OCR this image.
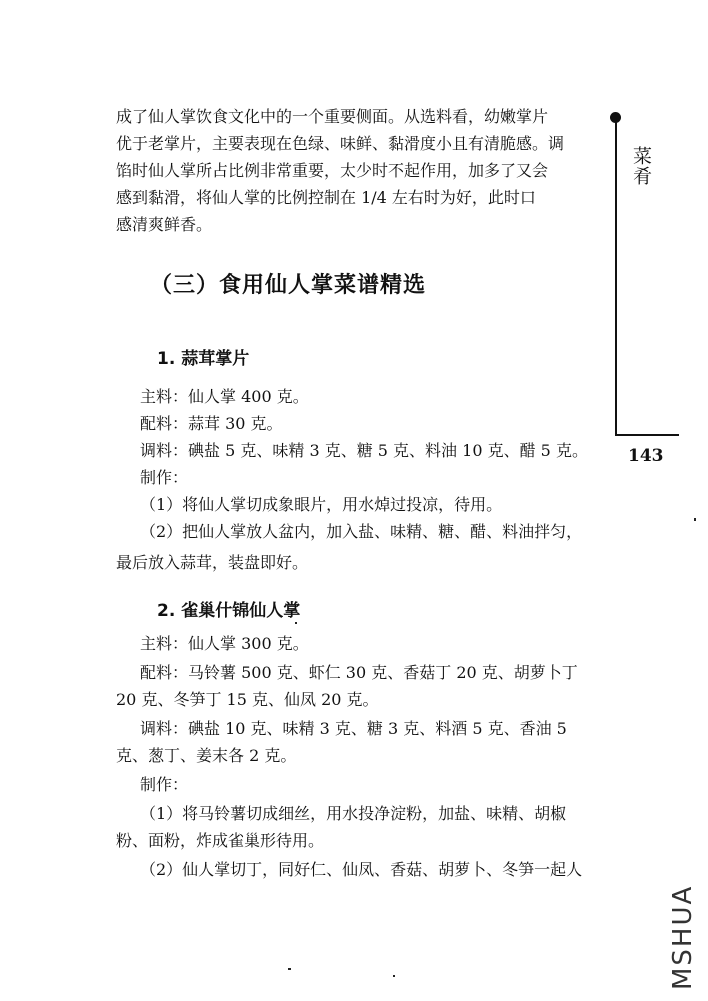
菜肴
143

成了仙人掌饮食文化中的一个重要侧面。从选料看，幼嫩掌片

优于老掌片，主要表现在色绿、味鲜、黏滑度小且有清脆感。调

馅时仙人掌所占比例非常重要，太少时不起作用，加多了又会

感到黏滑，将仙人掌的比例控制在 1/4 左右时为好，此时口

感清爽鲜香。

（三）食用仙人掌菜谱精选
1. 蒜茸掌片

主料：仙人掌 400 克。

配料：蒜茸 30 克。

调料：碘盐 5 克、味精 3 克、糖 5 克、料油 10 克、醋 5 克。

制作：

（1）将仙人掌切成象眼片，用水焯过投凉，待用。

（2）把仙人掌放人盆内，加入盐、味精、糖、醋、料油拌匀，

最后放入蒜茸，装盘即好。
2. 雀巢什锦仙人掌
主料：仙人掌 300 克。
配料：马铃薯 500 克、虾仁 30 克、香菇丁 20 克、胡萝卜丁
20 克、冬笋丁 15 克、仙凤 20 克。
调料：碘盐 10 克、味精 3 克、糖 3 克、料酒 5 克、香油 5
克、葱丁、姜末各 2 克。
制作：
（1）将马铃薯切成细丝，用水投净淀粉，加盐、味精、胡椒
粉、面粉，炸成雀巢形待用。
（2）仙人掌切丁，同好仁、仙凤、香菇、胡萝卜、冬笋一起人
MSHUA
